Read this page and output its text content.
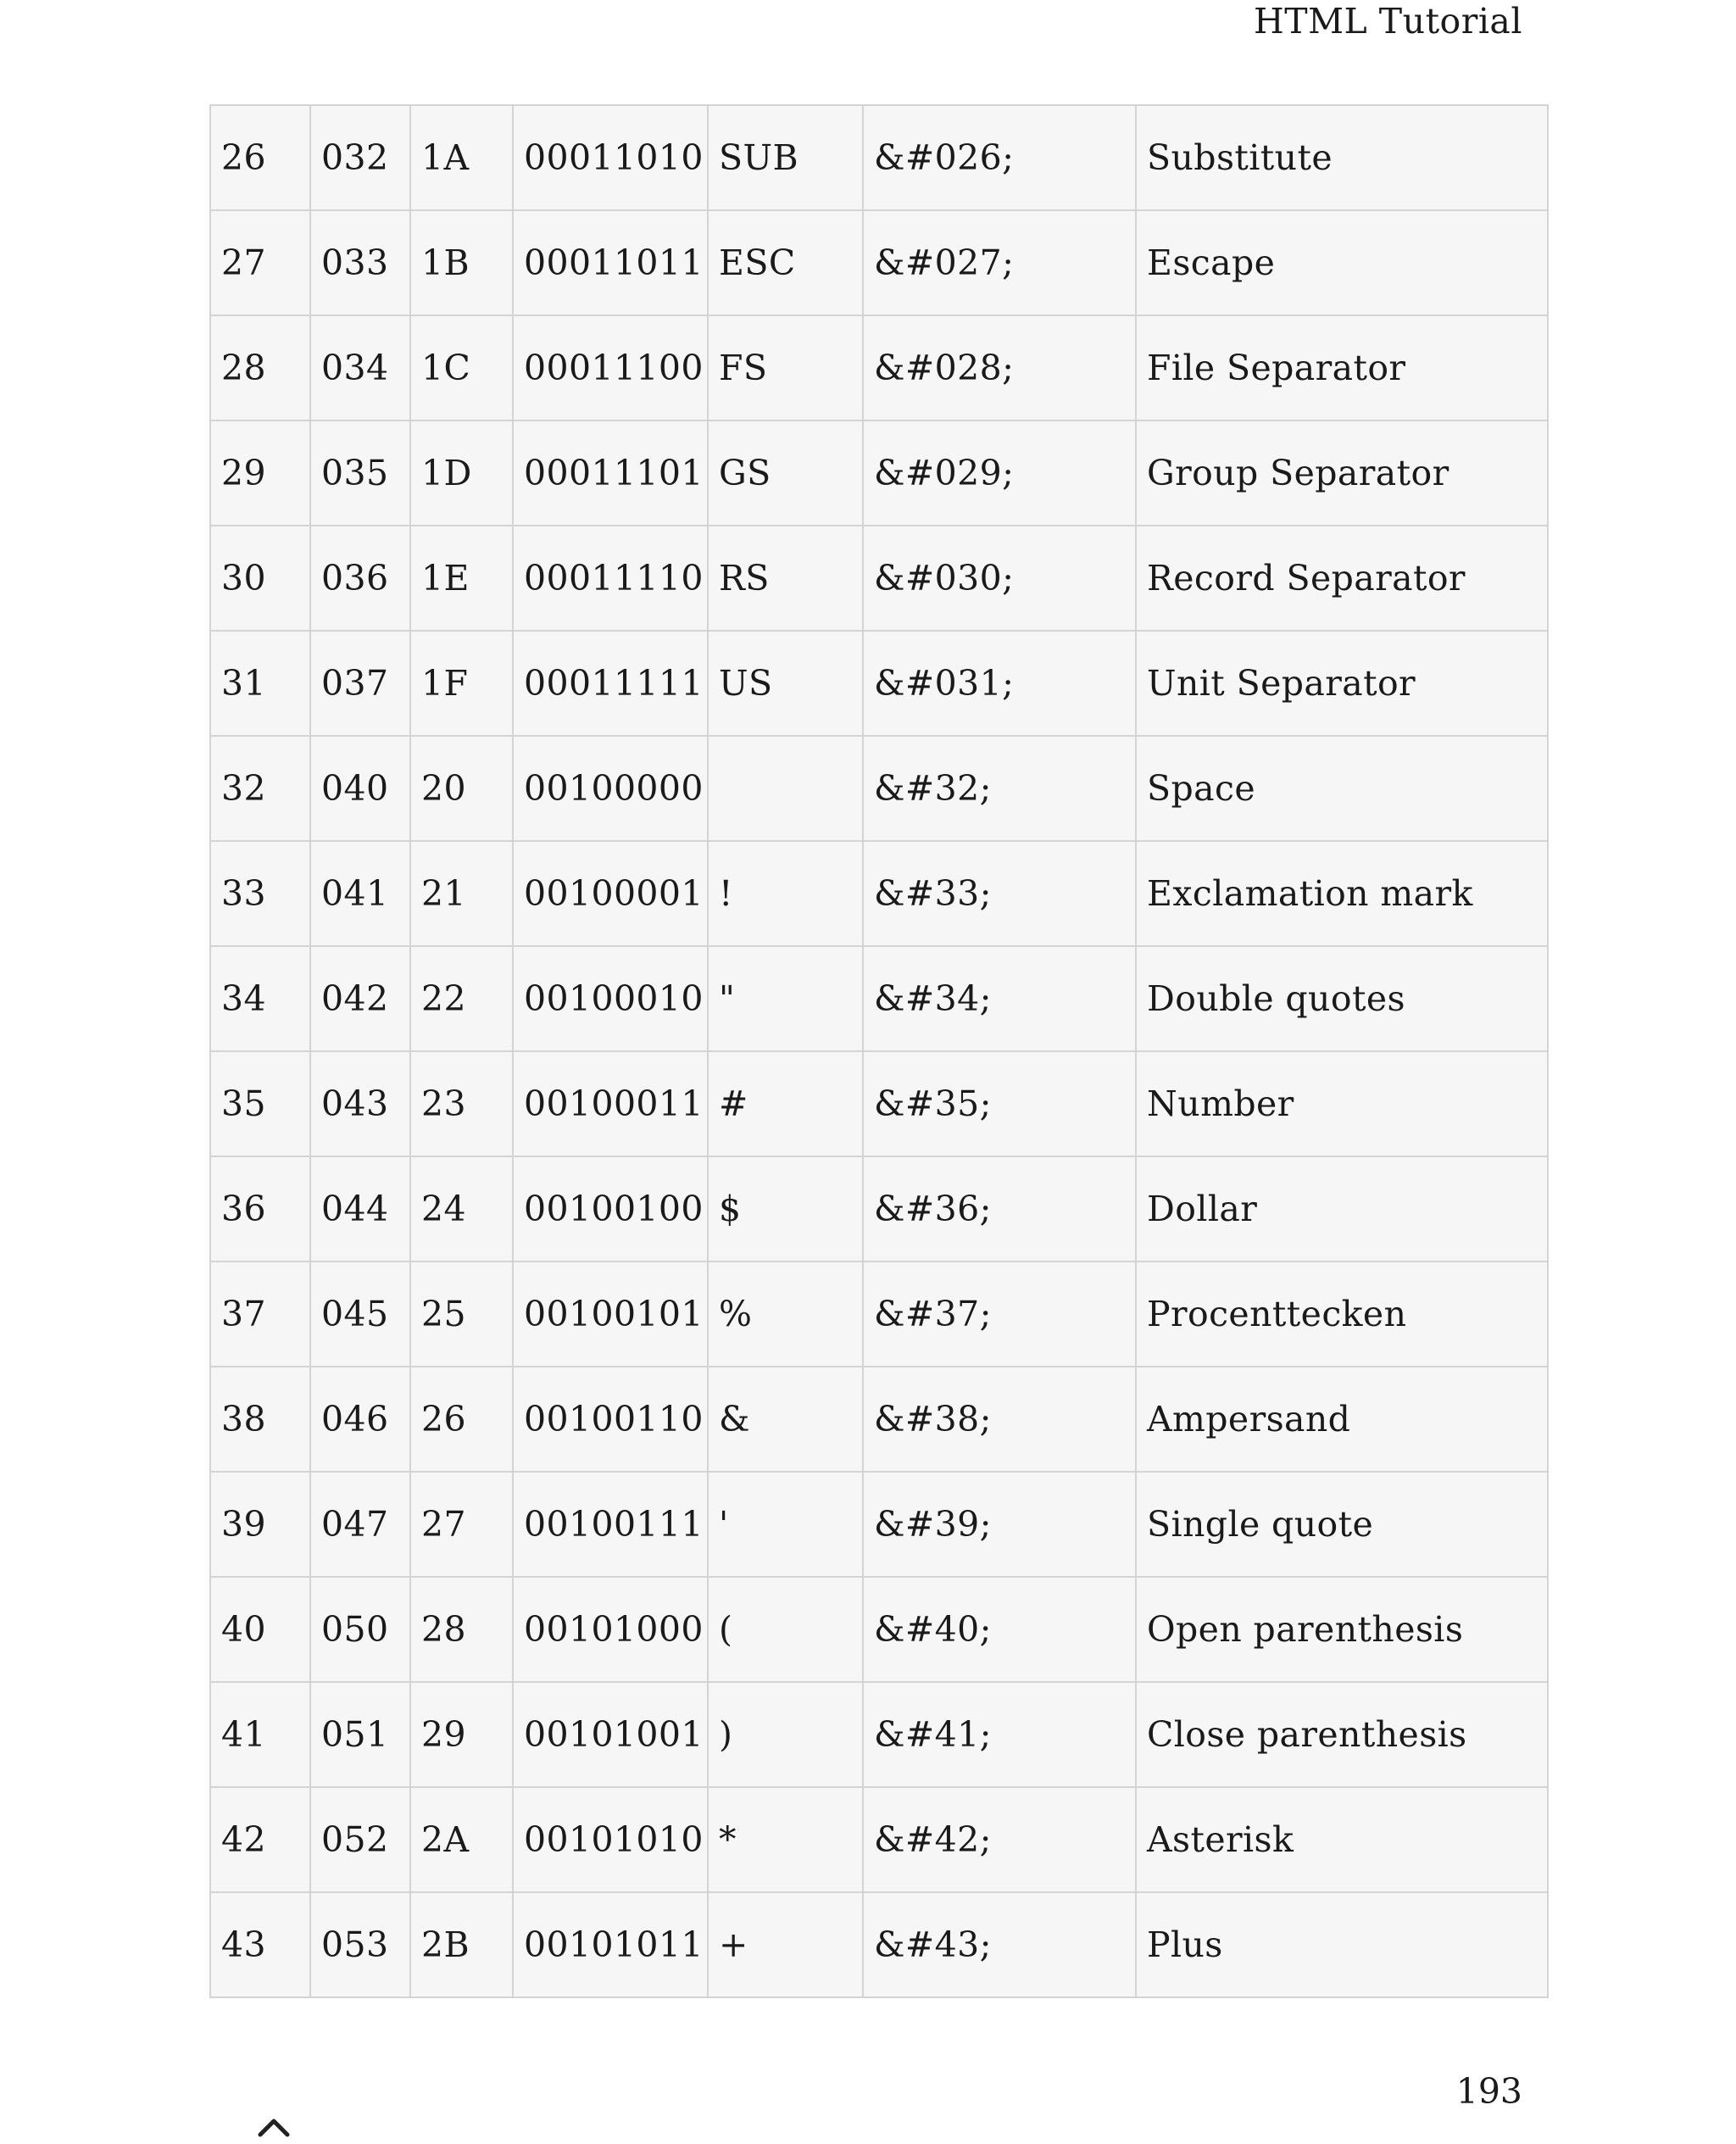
HTML Tutorial
26	032	1A	00011010	SUB	&#026;	Substitute
27	033	1B	00011011	ESC	&#027;	Escape
28	034	1C	00011100	FS	&#028;	File Separator
29	035	1D	00011101	GS	&#029;	Group Separator
30	036	1E	00011110	RS	&#030;	Record Separator
31	037	1F	00011111	US	&#031;	Unit Separator
32	040	20	00100000		&#32;	Space
33	041	21	00100001	!	&#33;	Exclamation mark
34	042	22	00100010	"	&#34;	Double quotes
35	043	23	00100011	#	&#35;	Number
36	044	24	00100100	$	&#36;	Dollar
37	045	25	00100101	%	&#37;	Procenttecken
38	046	26	00100110	&	&#38;	Ampersand
39	047	27	00100111	'	&#39;	Single quote
40	050	28	00101000	(	&#40;	Open parenthesis
41	051	29	00101001	)	&#41;	Close parenthesis
42	052	2A	00101010	*	&#42;	Asterisk
43	053	2B	00101011	+	&#43;	Plus
193
